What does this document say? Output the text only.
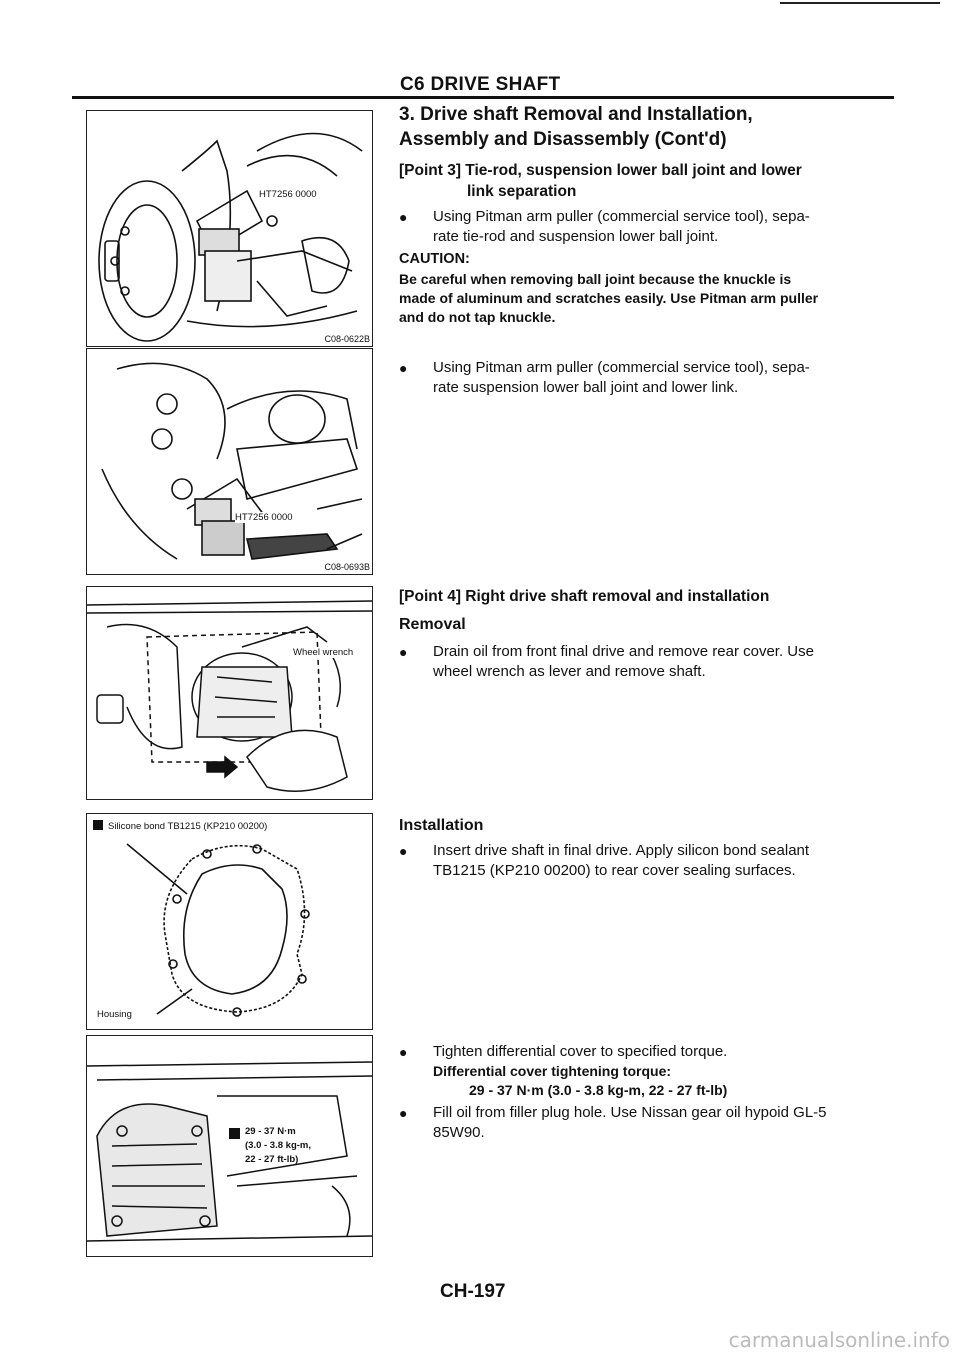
C6 DRIVE SHAFT
3. Drive shaft Removal and Installation,
Assembly and Disassembly (Cont'd)
[Point 3] Tie-rod, suspension lower ball joint and lower
link separation
● Using Pitman arm puller (commercial service tool), sepa-
rate tie-rod and suspension lower ball joint.
CAUTION:
Be careful when removing ball joint because the knuckle is
made of aluminum and scratches easily. Use Pitman arm puller
and do not tap knuckle.
● Using Pitman arm puller (commercial service tool), sepa-
rate suspension lower ball joint and lower link.
[Point 4] Right drive shaft removal and installation
Removal
● Drain oil from front final drive and remove rear cover. Use
wheel wrench as lever and remove shaft.
Installation
● Insert drive shaft in final drive. Apply silicon bond sealant
TB1215 (KP210 00200) to rear cover sealing surfaces.
● Tighten differential cover to specified torque.
Differential cover tightening torque:
29 - 37 N·m (3.0 - 3.8 kg-m, 22 - 27 ft-lb)
● Fill oil from filler plug hole. Use Nissan gear oil hypoid GL-5
85W90.
HT7256 0000
C08-0622B
HT7256 0000
C08-0693B
Wheel wrench
Silicone bond TB1215 (KP210 00200)
Housing
29 - 37 N·m
(3.0 - 3.8 kg-m,
22 - 27 ft-lb)
CH-197
carmanualsonline.info
